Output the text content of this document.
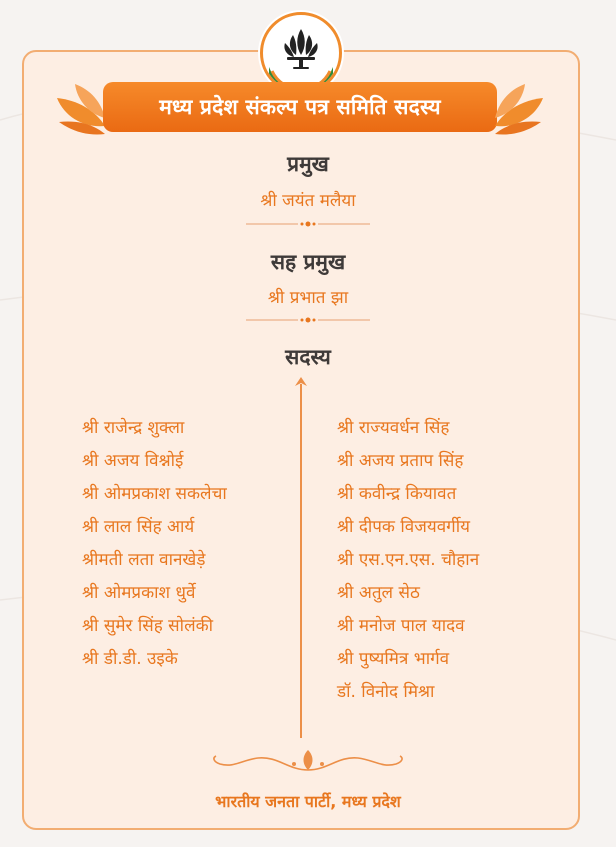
मध्य प्रदेश संकल्प पत्र समिति सदस्य
प्रमुख
श्री जयंत मलैया
सह प्रमुख
श्री प्रभात झा
सदस्य
श्री राजेन्द्र शुक्ला
श्री अजय विश्नोई
श्री ओमप्रकाश सकलेचा
श्री लाल सिंह आर्य
श्रीमती लता वानखेड़े
श्री ओमप्रकाश धुर्वे
श्री सुमेर सिंह सोलंकी
श्री डी.डी. उइके
श्री राज्यवर्धन सिंह
श्री अजय प्रताप सिंह
श्री कवीन्द्र कियावत
श्री दीपक विजयवर्गीय
श्री एस.एन.एस. चौहान
श्री अतुल सेठ
श्री मनोज पाल यादव
श्री पुष्यमित्र भार्गव
डॉ. विनोद मिश्रा
भारतीय जनता पार्टी, मध्य प्रदेश
